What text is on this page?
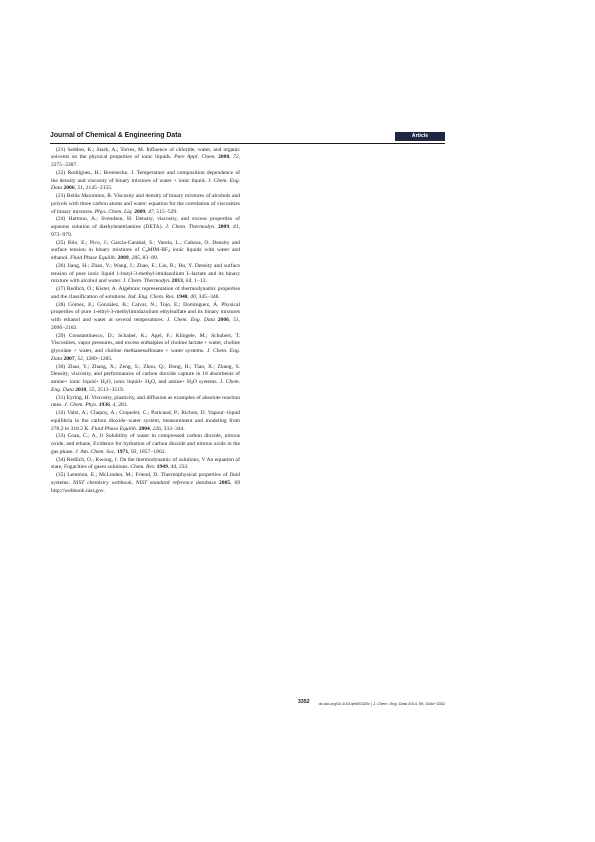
Journal of Chemical & Engineering Data	Article

(21) Seddon, K.; Stark, A.; Torres, M. Influence of chloride, water, and organic solvents on the physical properties of ionic liquids. Pure Appl. Chem. 2000, 72, 2275−2287.

(22) Rodriguez, H.; Brennecke, J. Temperature and composition dependence of the density and viscosity of binary mixtures of water + ionic liquid. J. Chem. Eng. Data 2006, 51, 2145−2155.

(23) Belda Maximino, R. Viscosity and density of binary mixtures of alcohols and polyols with three carbon atoms and water: equation for the correlation of viscosities of binary mixtures. Phys. Chem. Liq. 2009, 47, 515−529.

(24) Hartono, A.; Svendsen, H. Density, viscosity, and excess properties of aqueous solution of diethylenetriamine (DETA). J. Chem. Thermodyn. 2009, 41, 973−979.

(25) Rilo, E.; Pico, J.; Garcia-Garabal, S.; Varela, L.; Cabeza, O. Density and surface tension in binary mixtures of $C_nMIM-BF_4$ ionic liquids with water and ethanol. Fluid Phase Equilib. 2009, 285, 83−89.

(26) Jiang, H.; Zhao, Y.; Wang, J.; Zhao, F.; Liu, R.; Hu, Y. Density and surface tension of pure ionic liquid 1-butyl-3-methyl-imidazolium L-lactate and its binary mixture with alcohol and water. J. Chem. Thermodyn. 2013, 64, 1−13.

(27) Redlich, O.; Kister, A. Algebraic representation of thermodynamic properties and the classification of solutions. Ind. Eng. Chem. Res. 1948, 40, 345−348.

(28) Gómez, E.; González, B.; Calvar, N.; Tojo, E.; Domínguez, Á. Physical properties of pure 1-ethyl-3-methylimidazolium ethylsulfate and its binary mixtures with ethanol and water at several temperatures. J. Chem. Eng. Data 2006, 51, 2096−2102.

(29) Constantinescu, D.; Schaber, K.; Agel, F.; Klingele, M.; Schubert, T. Viscosities, vapor pressures, and excess enthalpies of choline lactate + water, choline glycolate + water, and choline methanesulfonate + water systems. J. Chem. Eng. Data 2007, 52, 1280−1285.

(30) Zhao, Y.; Zhang, X.; Zeng, S.; Zhou, Q.; Dong, H.; Tian, X.; Zhang, S. Density, viscosity, and performances of carbon dioxide capture in 16 absorbents of amine+ ionic liquid+ $H_2O$, ionic liquid+ $H_2O$, and $amine+ H_2O$ systems. J. Chem. Eng. Data 2010, 55, 3513−3519.

(31) Eyring, H. Viscosity, plasticity, and diffusion as examples of absolute reaction rates. J. Chem. Phys. 1936, 4, 283.

(32) Valtz, A.; Chapoy, A.; Coquelet, C.; Paricaud, P.; Richon, D. Vapour−liquid equilibria in the carbon dioxide−water system, measurement and modeling from 278.2 to 318.2 K. Fluid Phase Equilib. 2004, 226, 333−344.

(33) Coan, C.; A, Jr Solubility of water in compressed carbon dioxide, nitrous oxide, and ethane, Evidence for hydration of carbon dioxide and nitrous oxide in the gas phase. J. Am. Chem. Soc. 1971, 93, 1857−1862.

(34) Redlich, O.; Kwong, J. On the thermodynamic of solutions, V An equation of state, Fugacities of gases solutions. Chem. Rev. 1949, 44, 233.

(35) Lemmon, E.; McLinden, M.; Friend, D. Thermophysical properties of fluid systems. NIST chemistry webbook, NIST standard reference database 2005, 69 http://webbook.nist.gov.

3352 dx.doi.org/10.1021/je500320v | J. Chem. Eng. Data 2014, 59, 3344−3352
